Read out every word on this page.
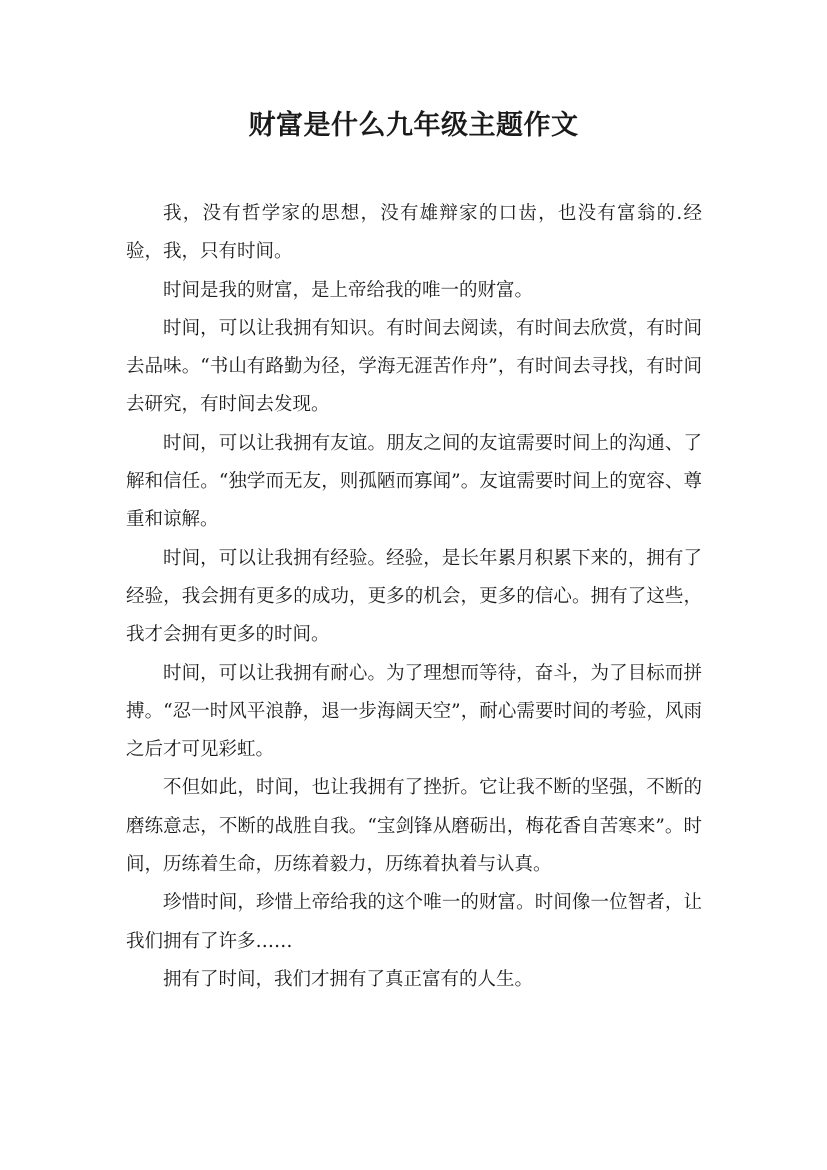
财富是什么九年级主题作文

我，没有哲学家的思想，没有雄辩家的口齿，也没有富翁的.经验，我，只有时间。

时间是我的财富，是上帝给我的唯一的财富。

时间，可以让我拥有知识。有时间去阅读，有时间去欣赏，有时间去品味。“书山有路勤为径，学海无涯苦作舟”，有时间去寻找，有时间去研究，有时间去发现。

时间，可以让我拥有友谊。朋友之间的友谊需要时间上的沟通、了解和信任。“独学而无友，则孤陋而寡闻”。友谊需要时间上的宽容、尊重和谅解。

时间，可以让我拥有经验。经验，是长年累月积累下来的，拥有了经验，我会拥有更多的成功，更多的机会，更多的信心。拥有了这些，我才会拥有更多的时间。

时间，可以让我拥有耐心。为了理想而等待，奋斗，为了目标而拼搏。“忍一时风平浪静，退一步海阔天空”，耐心需要时间的考验，风雨之后才可见彩虹。

不但如此，时间，也让我拥有了挫折。它让我不断的坚强，不断的磨练意志，不断的战胜自我。“宝剑锋从磨砺出，梅花香自苦寒来”。时间，历练着生命，历练着毅力，历练着执着与认真。

珍惜时间，珍惜上帝给我的这个唯一的财富。时间像一位智者，让我们拥有了许多……

拥有了时间，我们才拥有了真正富有的人生。
